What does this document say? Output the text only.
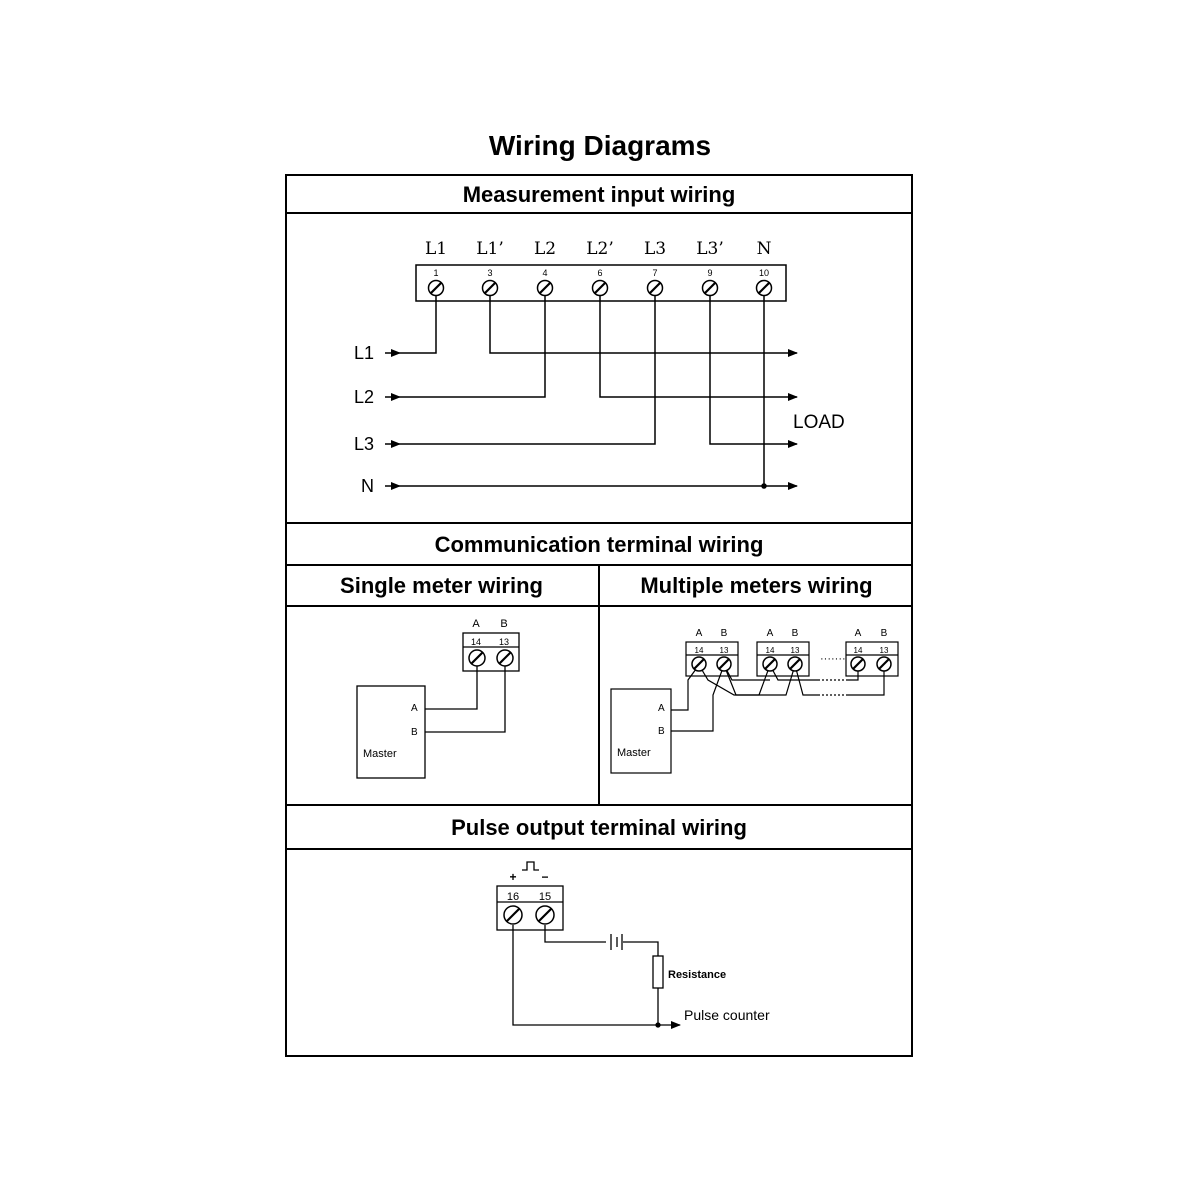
Wiring Diagrams
Measurement input wiring
Communication terminal wiring
Single meter wiring	Multiple meters wiring
Pulse output terminal wiring
L1
1
L1’
3
L2
4
L2’
6
L3
7
L3’
9
N
10
L1
L2
L3
N
LOAD
A B
14 13
A
B
Master
A
14
B
13
A
14
B
13
A
14
B
13
·······
A
B
Master
+ −
16 15
Resistance
Pulse counter
